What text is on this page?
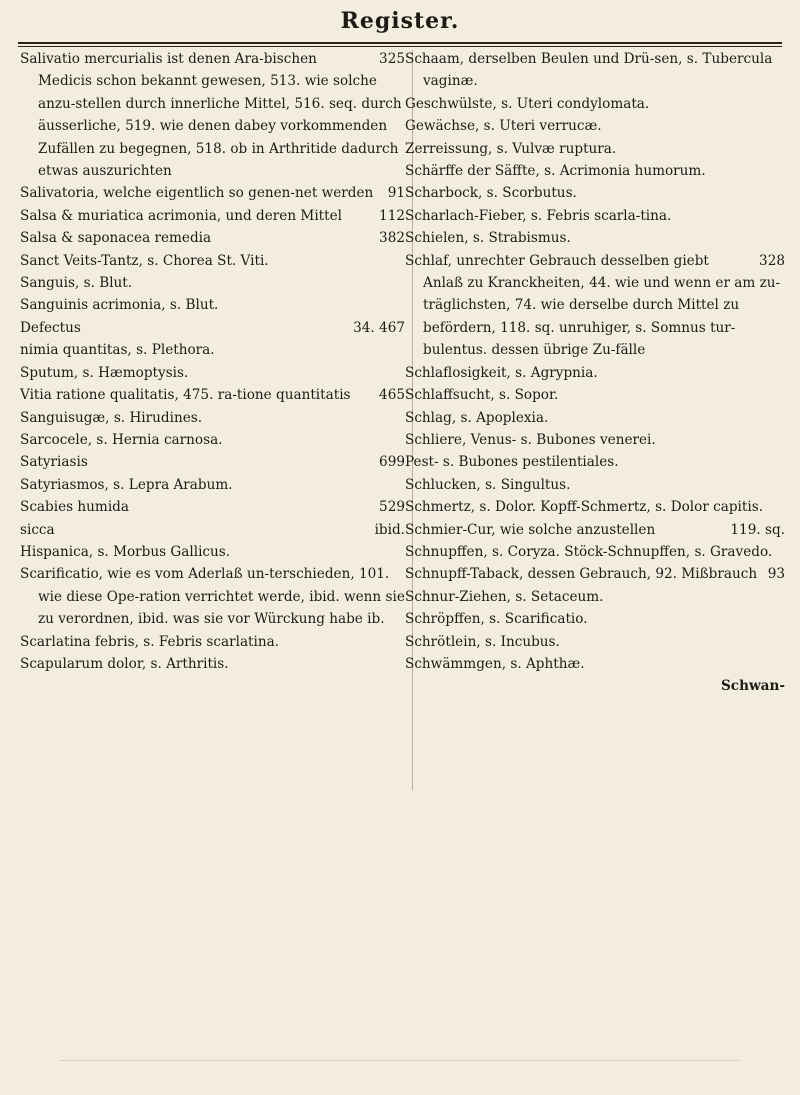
Register.

325
Salivatio mercurialis ist denen Ara-bischen Medicis schon bekannt gewesen, 513. wie solche anzu-stellen durch innerliche Mittel, 516. seq. durch äusserliche, 519. wie denen dabey vorkommenden Zufällen zu begegnen, 518. ob in Arthritide dadurch etwas auszurichten

91
Salivatoria, welche eigentlich so genen-net werden

112
Salsa & muriatica acrimonia, und deren Mittel

382
Salsa & saponacea remedia

Sanct Veits-Tantz, s. Chorea St. Viti.

Sanguis, s. Blut.

Sanguinis acrimonia, s. Blut.

34. 467
Defectus

nimia quantitas, s. Plethora.

Sputum, s. Hæmoptysis.

465
Vitia ratione qualitatis, 475. ra-tione quantitatis

Sanguisugæ, s. Hirudines.

Sarcocele, s. Hernia carnosa.

699
Satyriasis

Satyriasmos, s. Lepra Arabum.

529
Scabies humida

ibid.
sicca

Hispanica, s. Morbus Gallicus.

Scarificatio, wie es vom Aderlaß un-terschieden, 101. wie diese Ope-ration verrichtet werde, ibid. wenn sie zu verordnen, ibid. was sie vor Würckung habe ib.

Scarlatina febris, s. Febris scarlatina.

Scapularum dolor, s. Arthritis.

Schaam, derselben Beulen und Drü-sen, s. Tubercula vaginæ.

Geschwülste, s. Uteri condylomata.

Gewächse, s. Uteri verrucæ.

Zerreissung, s. Vulvæ ruptura.

Schärffe der Säffte, s. Acrimonia humorum.

Scharbock, s. Scorbutus.

Scharlach-Fieber, s. Febris scarla-tina.

Schielen, s. Strabismus.

328
Schlaf, unrechter Gebrauch desselben giebt Anlaß zu Kranckheiten, 44. wie und wenn er am zu-träglichsten, 74. wie derselbe durch Mittel zu befördern, 118. sq. unruhiger, s. Somnus tur-bulentus. dessen übrige Zu-fälle

Schlaflosigkeit, s. Agrypnia.

Schlaffsucht, s. Sopor.

Schlag, s. Apoplexia.

Schliere, Venus- s. Bubones venerei.

Pest- s. Bubones pestilentiales.

Schlucken, s. Singultus.

Schmertz, s. Dolor. Kopff-Schmertz, s. Dolor capitis.

119. sq.
Schmier-Cur, wie solche anzustellen

Schnupffen, s. Coryza. Stöck-Schnupffen, s. Gravedo.

93
Schnupff-Taback, dessen Gebrauch, 92. Mißbrauch

Schnur-Ziehen, s. Setaceum.

Schröpffen, s. Scarificatio.

Schrötlein, s. Incubus.

Schwämmgen, s. Aphthæ.

Schwan-
